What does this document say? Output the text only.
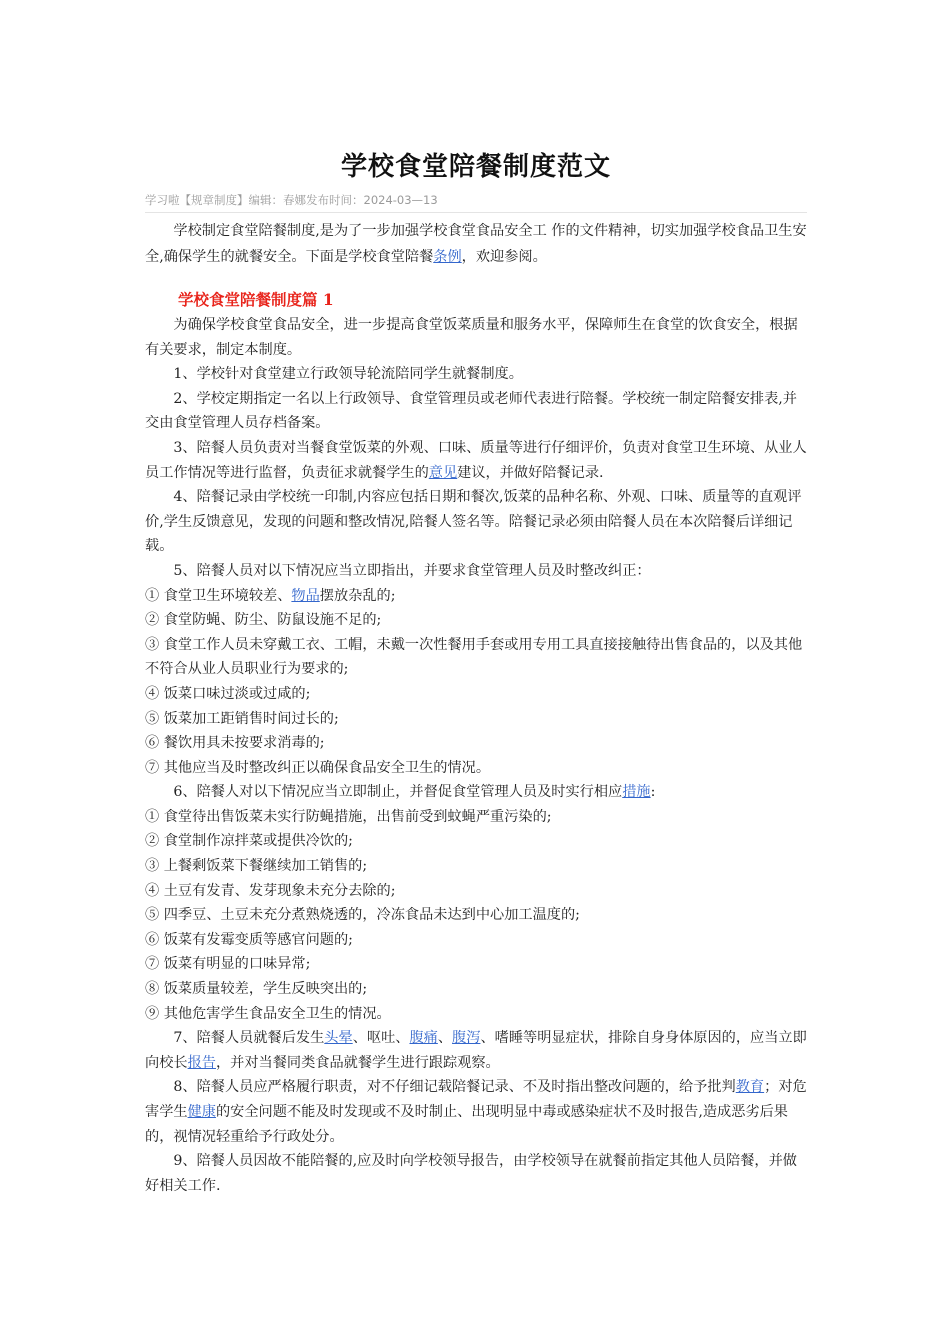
学校食堂陪餐制度范文
学习啦【规章制度】编辑：春娜发布时间：2024-03—13

学校制定食堂陪餐制度,是为了一步加强学校食堂食品安全工 作的文件精神，切实加强学校食品卫生安全,确保学生的就餐安全。下面是学校食堂陪餐条例，欢迎参阅。

学校食堂陪餐制度篇 1

为确保学校食堂食品安全，进一步提高食堂饭菜质量和服务水平，保障师生在食堂的饮食安全，根据有关要求，制定本制度。

1、学校针对食堂建立行政领导轮流陪同学生就餐制度。

2、学校定期指定一名以上行政领导、食堂管理员或老师代表进行陪餐。学校统一制定陪餐安排表,并交由食堂管理人员存档备案。

3、陪餐人员负责对当餐食堂饭菜的外观、口味、质量等进行仔细评价，负责对食堂卫生环境、从业人员工作情况等进行监督，负责征求就餐学生的意见建议，并做好陪餐记录.

4、陪餐记录由学校统一印制,内容应包括日期和餐次,饭菜的品种名称、外观、口味、质量等的直观评价,学生反馈意见，发现的问题和整改情况,陪餐人签名等。陪餐记录必须由陪餐人员在本次陪餐后详细记载。

5、陪餐人员对以下情况应当立即指出，并要求食堂管理人员及时整改纠正：

① 食堂卫生环境较差、物品摆放杂乱的;

② 食堂防蝇、防尘、防鼠设施不足的;

③ 食堂工作人员未穿戴工衣、工帽，未戴一次性餐用手套或用专用工具直接接触待出售食品的，以及其他不符合从业人员职业行为要求的;

④ 饭菜口味过淡或过咸的;

⑤ 饭菜加工距销售时间过长的;

⑥ 餐饮用具未按要求消毒的;

⑦ 其他应当及时整改纠正以确保食品安全卫生的情况。

6、陪餐人对以下情况应当立即制止，并督促食堂管理人员及时实行相应措施:

① 食堂待出售饭菜未实行防蝇措施，出售前受到蚊蝇严重污染的;

② 食堂制作凉拌菜或提供冷饮的;

③ 上餐剩饭菜下餐继续加工销售的;

④ 土豆有发青、发芽现象未充分去除的;

⑤ 四季豆、土豆未充分煮熟烧透的，冷冻食品未达到中心加工温度的;

⑥ 饭菜有发霉变质等感官问题的;

⑦ 饭菜有明显的口味异常;

⑧ 饭菜质量较差，学生反映突出的;

⑨ 其他危害学生食品安全卫生的情况。

7、陪餐人员就餐后发生头晕、呕吐、腹痛、腹泻、嗜睡等明显症状，排除自身身体原因的，应当立即向校长报告，并对当餐同类食品就餐学生进行跟踪观察。

8、陪餐人员应严格履行职责，对不仔细记载陪餐记录、不及时指出整改问题的，给予批判教育；对危害学生健康的安全问题不能及时发现或不及时制止、出现明显中毒或感染症状不及时报告,造成恶劣后果的，视情况轻重给予行政处分。

9、陪餐人员因故不能陪餐的,应及时向学校领导报告，由学校领导在就餐前指定其他人员陪餐，并做好相关工作.
